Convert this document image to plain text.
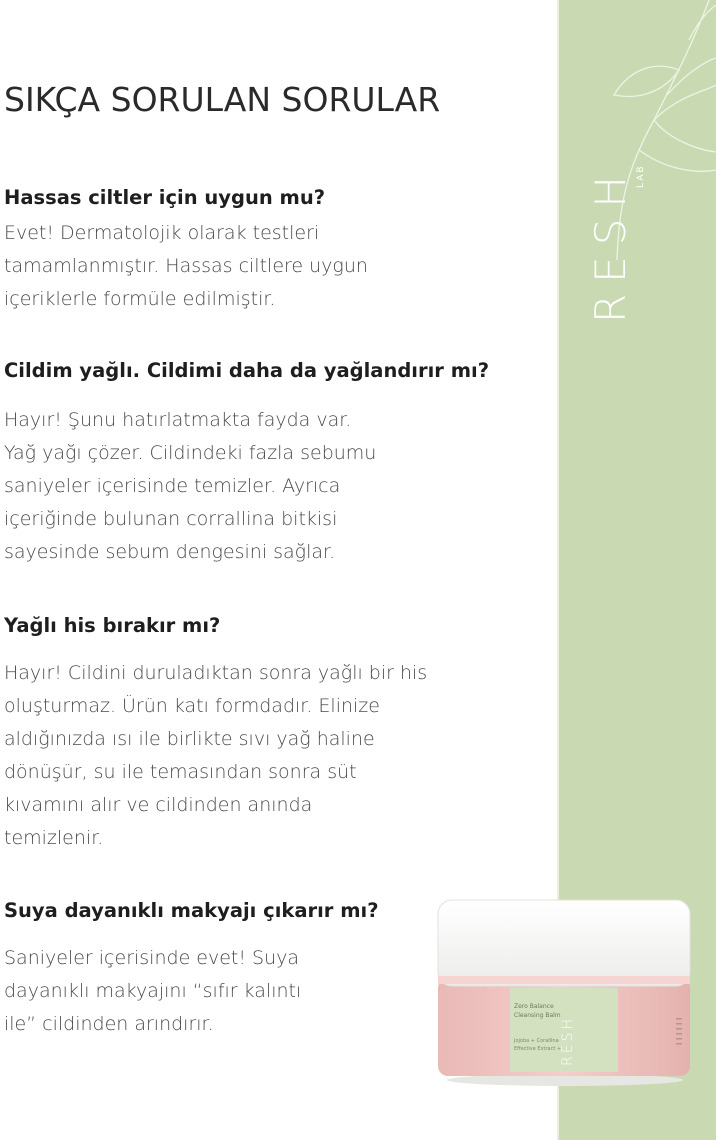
RESH LAB
SIKÇA SORULAN SORULAR

Hassas ciltler için uygun mu?

Evet! Dermatolojik olarak testleri
tamamlanmıştır. Hassas ciltlere uygun
içeriklerle formüle edilmiştir.

Cildim yağlı. Cildimi daha da yağlandırır mı?

Hayır! Şunu hatırlatmakta fayda var.
Yağ yağı çözer. Cildindeki fazla sebumu
saniyeler içerisinde temizler. Ayrıca
içeriğinde bulunan corrallina bitkisi
sayesinde sebum dengesini sağlar.

Yağlı his bırakır mı?

Hayır! Cildini duruladıktan sonra yağlı bir his
oluşturmaz. Ürün katı formdadır. Elinize
aldığınızda ısı ile birlikte sıvı yağ haline
dönüşür, su ile temasından sonra süt
kıvamını alır ve cildinden anında
temizlenir.

Suya dayanıklı makyajı çıkarır mı?

Saniyeler içerisinde evet! Suya
dayanıklı makyajını “sıfır kalıntı
ile” cildinden arındırır.

Zero Balance
Cleansing Balm
Jojoba + Corallina
Effective Extract +
RESH
